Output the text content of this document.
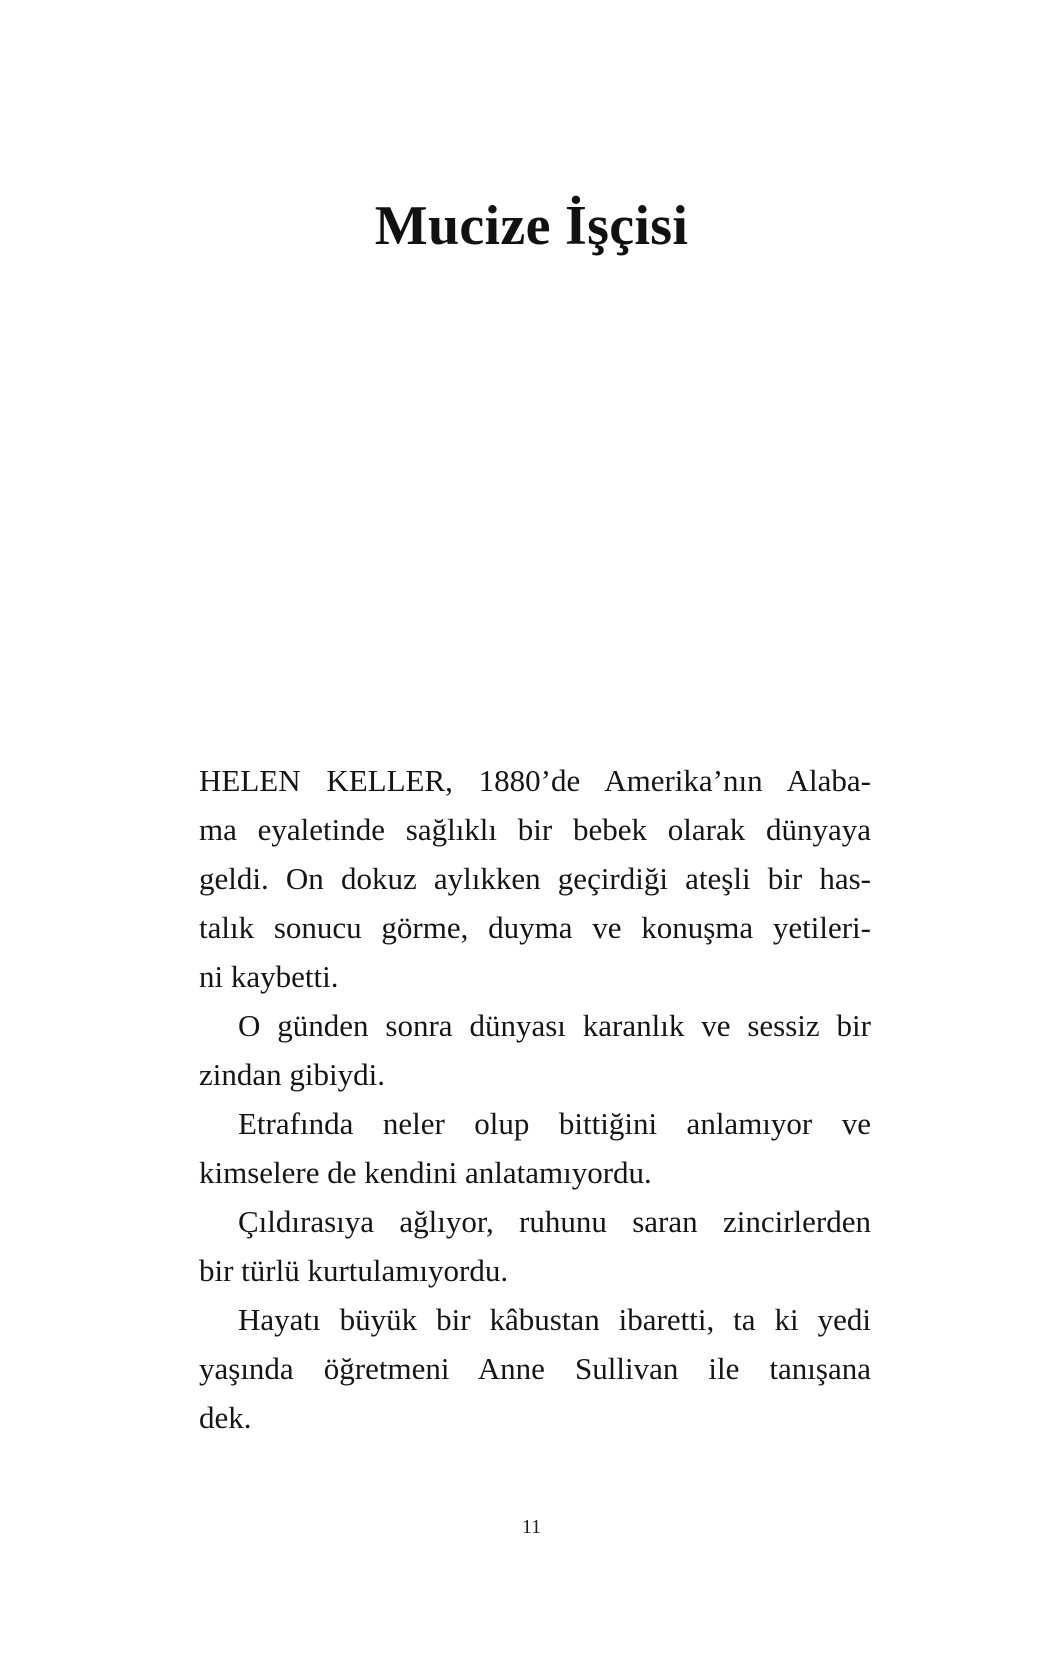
Mucize İşçisi
HELEN KELLER, 1880’de Amerika’nın Alaba-
ma eyaletinde sağlıklı bir bebek olarak dünyaya
geldi. On dokuz aylıkken geçirdiği ateşli bir has-
talık sonucu görme, duyma ve konuşma yetileri-
ni kaybetti.
O günden sonra dünyası karanlık ve sessiz bir
zindan gibiydi.
Etrafında neler olup bittiğini anlamıyor ve
kimselere de kendini anlatamıyordu.
Çıldırasıya ağlıyor, ruhunu saran zincirlerden
bir türlü kurtulamıyordu.
Hayatı büyük bir kâbustan ibaretti, ta ki yedi
yaşında öğretmeni Anne Sullivan ile tanışana
dek.
11
